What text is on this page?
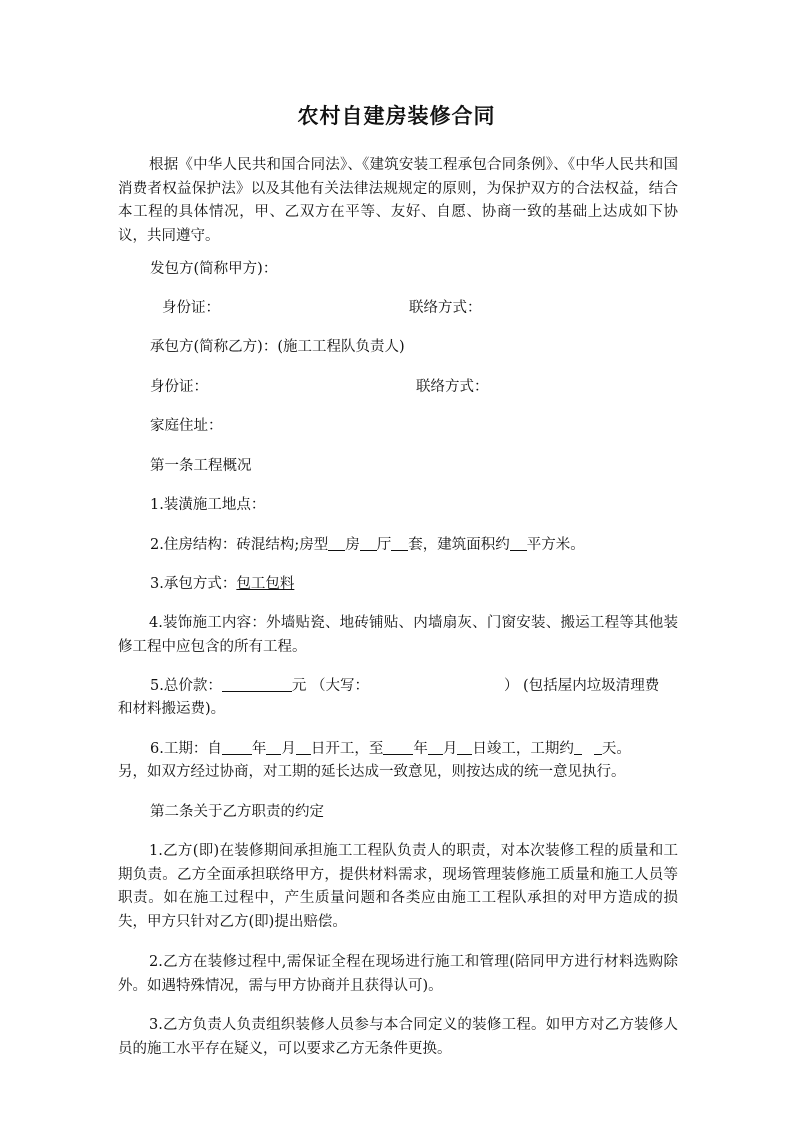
农村自建房装修合同
根据《中华人民共和国合同法》、《建筑安装工程承包合同条例》、《中华人民共和国消费者权益保护法》以及其他有关法律法规规定的原则，为保护双方的合法权益，结合本工程的具体情况，甲、乙双方在平等、友好、自愿、协商一致的基础上达成如下协议，共同遵守。
发包方(简称甲方)：
身份证：	联络方式：
承包方(简称乙方)：(施工工程队负责人)
身份证：	联络方式：
家庭住址：
第一条工程概况
1.装潢施工地点：
2.住房结构：砖混结构;房型 房 厅 套，建筑面积约 平方米。
3.承包方式：包工包料
4.装饰施工内容：外墙贴瓷、地砖铺贴、内墙扇灰、门窗安装、搬运工程等其他装修工程中应包含的所有工程。
5.总价款：	元 （大写：	） (包括屋内垃圾清理费
和材料搬运费)。
6.工期：自 年 月 日开工，至 年 月 日竣工，工期约 天。
另，如双方经过协商，对工期的延长达成一致意见，则按达成的统一意见执行。
第二条关于乙方职责的约定
1.乙方(即)在装修期间承担施工工程队负责人的职责，对本次装修工程的质量和工期负责。乙方全面承担联络甲方，提供材料需求，现场管理装修施工质量和施工人员等职责。如在施工过程中，产生质量问题和各类应由施工工程队承担的对甲方造成的损失，甲方只针对乙方(即)提出赔偿。
2.乙方在装修过程中,需保证全程在现场进行施工和管理(陪同甲方进行材料选购除外。如遇特殊情况，需与甲方协商并且获得认可)。
3.乙方负责人负责组织装修人员参与本合同定义的装修工程。如甲方对乙方装修人员的施工水平存在疑义，可以要求乙方无条件更换。
